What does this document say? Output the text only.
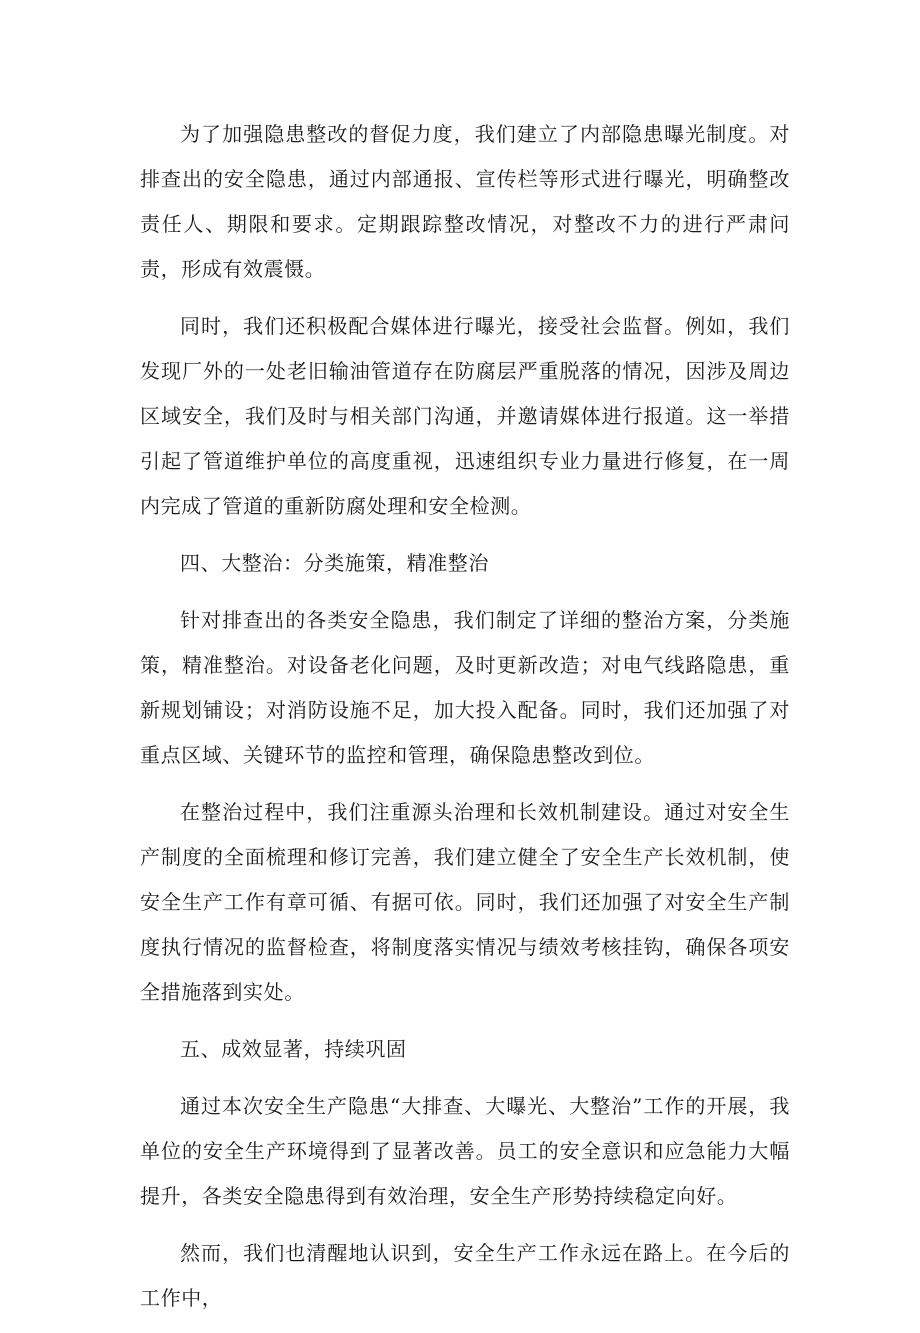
为了加强隐患整改的督促力度，我们建立了内部隐患曝光制度。对排查出的安全隐患，通过内部通报、宣传栏等形式进行曝光，明确整改责任人、期限和要求。定期跟踪整改情况，对整改不力的进行严肃问责，形成有效震慑。

同时，我们还积极配合媒体进行曝光，接受社会监督。例如，我们发现厂外的一处老旧输油管道存在防腐层严重脱落的情况，因涉及周边区域安全，我们及时与相关部门沟通，并邀请媒体进行报道。这一举措引起了管道维护单位的高度重视，迅速组织专业力量进行修复，在一周内完成了管道的重新防腐处理和安全检测。

四、大整治：分类施策，精准整治

针对排查出的各类安全隐患，我们制定了详细的整治方案，分类施策，精准整治。对设备老化问题，及时更新改造；对电气线路隐患，重新规划铺设；对消防设施不足，加大投入配备。同时，我们还加强了对重点区域、关键环节的监控和管理，确保隐患整改到位。

在整治过程中，我们注重源头治理和长效机制建设。通过对安全生产制度的全面梳理和修订完善，我们建立健全了安全生产长效机制，使安全生产工作有章可循、有据可依。同时，我们还加强了对安全生产制度执行情况的监督检查，将制度落实情况与绩效考核挂钩，确保各项安全措施落到实处。

五、成效显著，持续巩固

通过本次安全生产隐患“大排查、大曝光、大整治”工作的开展，我单位的安全生产环境得到了显著改善。员工的安全意识和应急能力大幅提升，各类安全隐患得到有效治理，安全生产形势持续稳定向好。

然而，我们也清醒地认识到，安全生产工作永远在路上。在今后的工作中，
